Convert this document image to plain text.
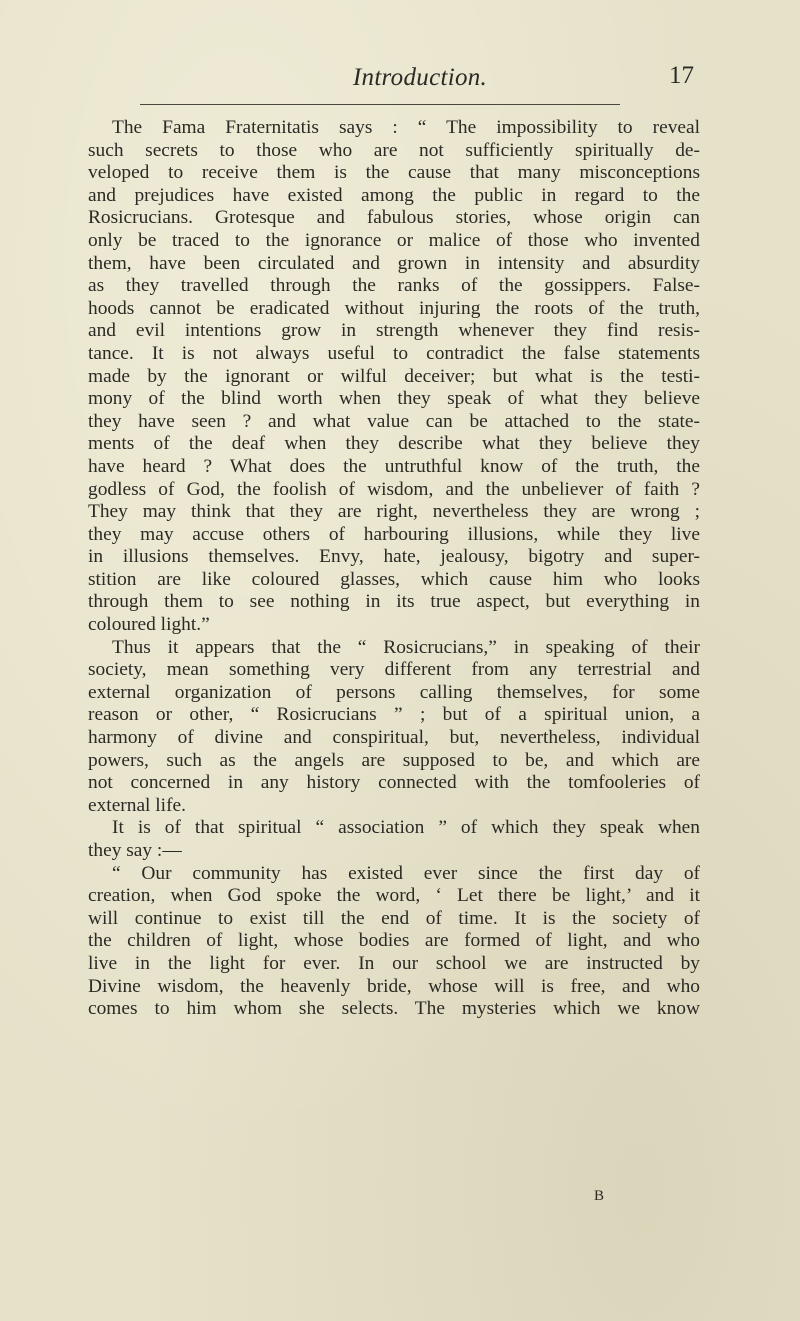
Introduction.	17
The Fama Fraternitatis says : “ The impossibility to reveal
such secrets to those who are not sufficiently spiritually de-
veloped to receive them is the cause that many misconceptions
and prejudices have existed among the public in regard to the
Rosicrucians. Grotesque and fabulous stories, whose origin can
only be traced to the ignorance or malice of those who invented
them, have been circulated and grown in intensity and absurdity
as they travelled through the ranks of the gossippers. False-
hoods cannot be eradicated without injuring the roots of the truth,
and evil intentions grow in strength whenever they find resis-
tance. It is not always useful to contradict the false statements
made by the ignorant or wilful deceiver; but what is the testi-
mony of the blind worth when they speak of what they believe
they have seen ? and what value can be attached to the state-
ments of the deaf when they describe what they believe they
have heard ? What does the untruthful know of the truth, the
godless of God, the foolish of wisdom, and the unbeliever of faith ?
They may think that they are right, nevertheless they are wrong ;
they may accuse others of harbouring illusions, while they live
in illusions themselves. Envy, hate, jealousy, bigotry and super-
stition are like coloured glasses, which cause him who looks
through them to see nothing in its true aspect, but everything in
coloured light.”
Thus it appears that the “ Rosicrucians,” in speaking of their
society, mean something very different from any terrestrial and
external organization of persons calling themselves, for some
reason or other, “ Rosicrucians ” ; but of a spiritual union, a
harmony of divine and conspiritual, but, nevertheless, individual
powers, such as the angels are supposed to be, and which are
not concerned in any history connected with the tomfooleries of
external life.
It is of that spiritual “ association ” of which they speak when
they say :—
“ Our community has existed ever since the first day of
creation, when God spoke the word, ‘ Let there be light,’ and it
will continue to exist till the end of time. It is the society of
the children of light, whose bodies are formed of light, and who
live in the light for ever. In our school we are instructed by
Divine wisdom, the heavenly bride, whose will is free, and who
comes to him whom she selects. The mysteries which we know
B
